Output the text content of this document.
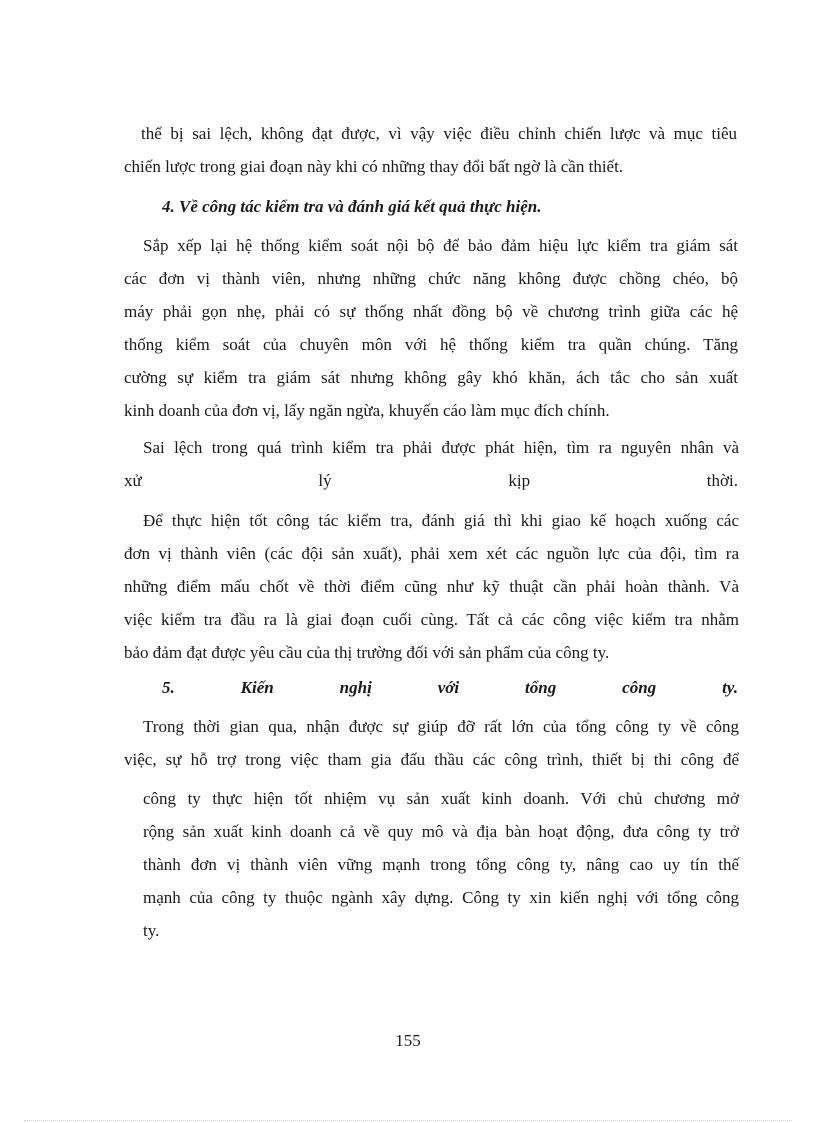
thể bị sai lệch, không đạt được, vì vậy việc điều chỉnh chiến lược và mục tiêu
chiến lược trong giai đoạn này khi có những thay đổi bất ngờ là cần thiết.
4. Về công tác kiểm tra và đánh giá kết quả thực hiện.
Sắp xếp lại hệ thống kiểm soát nội bộ để bảo đảm hiệu lực kiểm tra giám sát
các đơn vị thành viên, nhưng những chức năng không được chồng chéo, bộ
máy phải gọn nhẹ, phải có sự thống nhất đồng bộ về chương trình giữa các hệ
thống kiểm soát của chuyên môn với hệ thống kiểm tra quần chúng. Tăng
cường sự kiểm tra giám sát nhưng không gây khó khăn, ách tắc cho sản xuất
kinh doanh của đơn vị, lấy ngăn ngừa, khuyến cáo làm mục đích chính.
Sai lệch trong quá trình kiểm tra phải được phát hiện, tìm ra nguyên nhân và
xử	lý	kịp	thời.
Để thực hiện tốt công tác kiểm tra, đánh giá thì khi giao kế hoạch xuống các
đơn vị thành viên (các đội sản xuất), phải xem xét các nguồn lực của đội, tìm ra
những điểm mấu chốt về thời điểm cũng như kỹ thuật cần phải hoàn thành. Và
việc kiểm tra đầu ra là giai đoạn cuối cùng. Tất cả các công việc kiểm tra nhằm
bảo đảm đạt được yêu cầu của thị trường đối với sản phẩm của công ty.
5.	Kiến	nghị	với	tổng	công	ty.
Trong thời gian qua, nhận được sự giúp đỡ rất lớn của tổng công ty về công
việc, sự hỗ trợ trong việc tham gia đấu thầu các công trình, thiết bị thi công để
công ty thực hiện tốt nhiệm vụ sản xuất kinh doanh. Với chủ chương mở
rộng sản xuất kinh doanh cả về quy mô và địa bàn hoạt động, đưa công ty trở
thành đơn vị thành viên vững mạnh trong tổng công ty, nâng cao uy tín thế
mạnh của công ty thuộc ngành xây dựng. Công ty xin kiến nghị với tổng công
ty.
155
